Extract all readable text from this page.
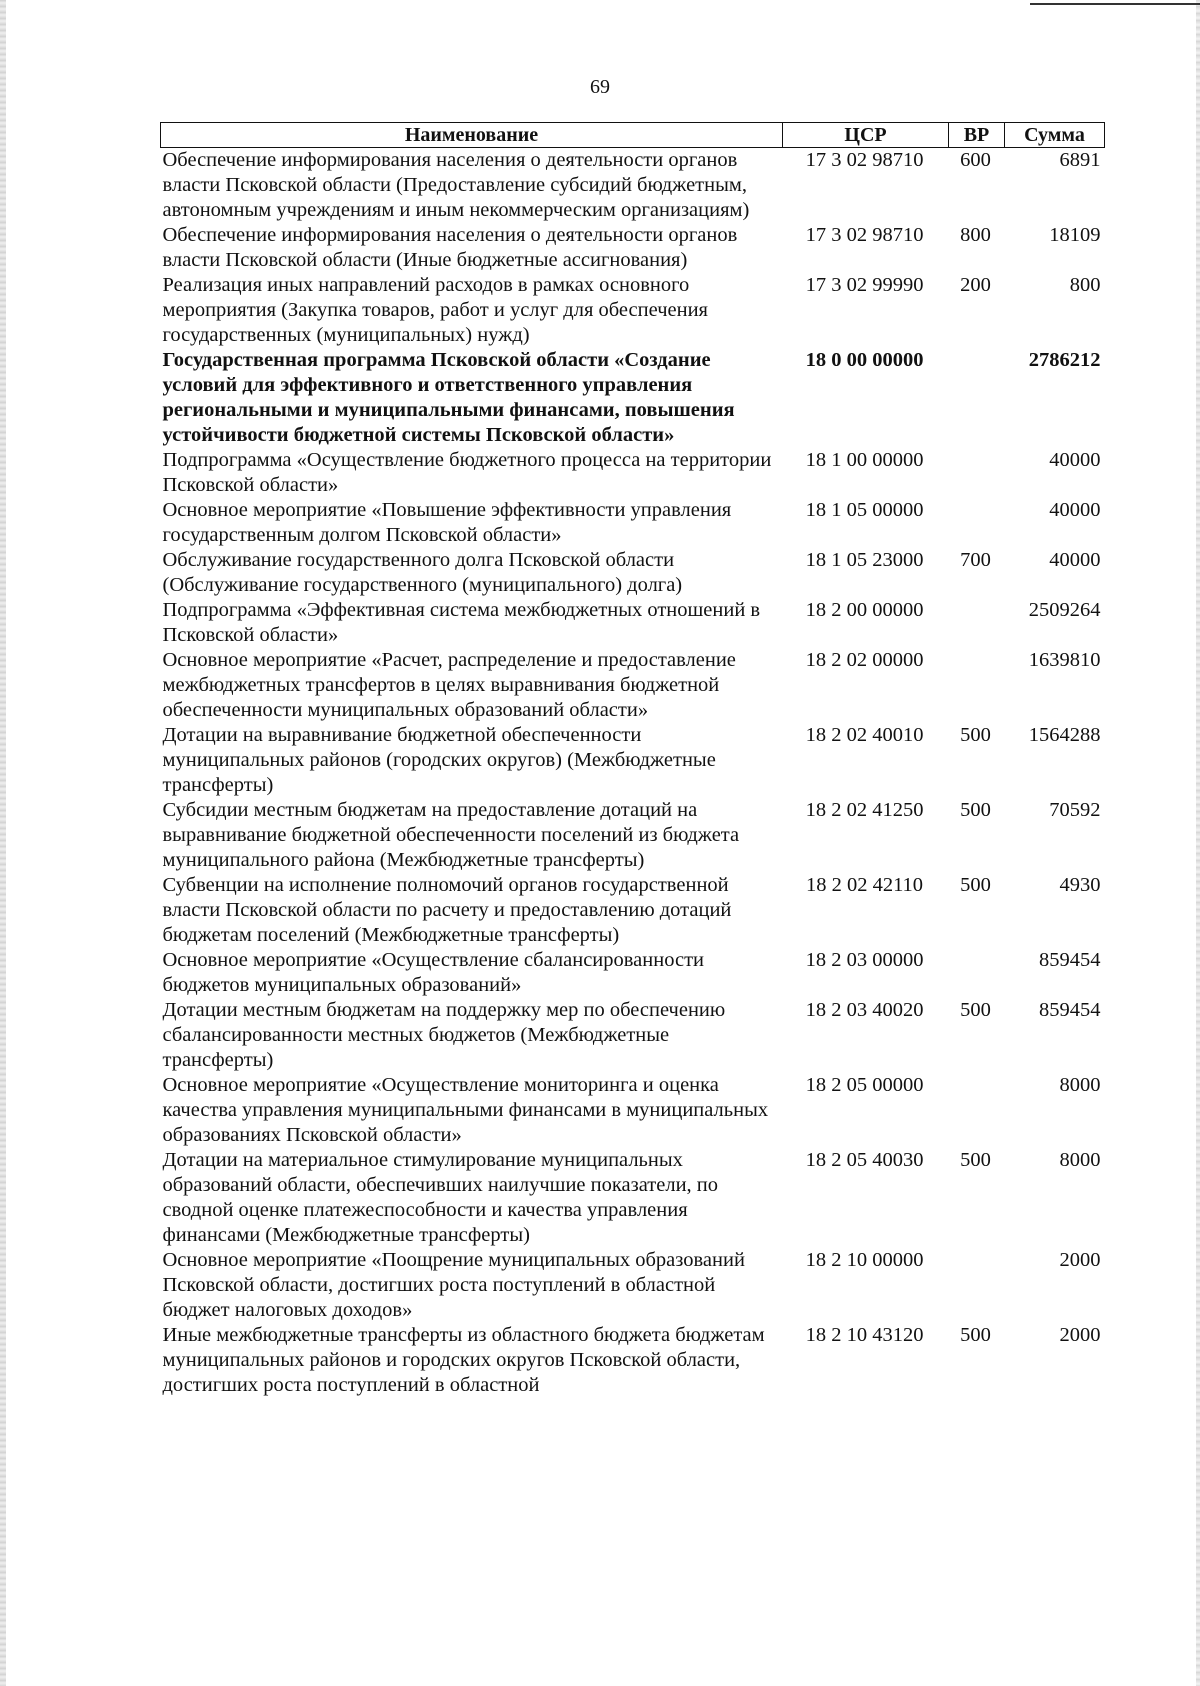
69
Наименование	ЦСР	ВР	Сумма
Обеспечение информирования населения о деятельности органов власти Псковской области (Предоставление субсидий бюджетным, автономным учреждениям и иным некоммерческим организациям)	17 3 02 98710	600	6891
Обеспечение информирования населения о деятельности органов власти Псковской области (Иные бюджетные ассигнования)	17 3 02 98710	800	18109
Реализация иных направлений расходов в рамках основного мероприятия (Закупка товаров, работ и услуг для обеспечения государственных (муниципальных) нужд)	17 3 02 99990	200	800
Государственная программа Псковской области «Создание условий для эффективного и ответственного управления региональными и муниципальными финансами, повышения устойчивости бюджетной системы Псковской области»	18 0 00 00000		2786212
Подпрограмма «Осуществление бюджетного процесса на территории Псковской области»	18 1 00 00000		40000
Основное мероприятие «Повышение эффективности управления государственным долгом Псковской области»	18 1 05 00000		40000
Обслуживание государственного долга Псковской области (Обслуживание государственного (муниципального) долга)	18 1 05 23000	700	40000
Подпрограмма «Эффективная система межбюджетных отношений в Псковской области»	18 2 00 00000		2509264
Основное мероприятие «Расчет, распределение и предоставление межбюджетных трансфертов в целях выравнивания бюджетной обеспеченности муниципальных образований области»	18 2 02 00000		1639810
Дотации на выравнивание бюджетной обеспеченности муниципальных районов (городских округов) (Межбюджетные трансферты)	18 2 02 40010	500	1564288
Субсидии местным бюджетам на предоставление дотаций на выравнивание бюджетной обеспеченности поселений из бюджета муниципального района (Межбюджетные трансферты)	18 2 02 41250	500	70592
Субвенции на исполнение полномочий органов государственной власти Псковской области по расчету и предоставлению дотаций бюджетам поселений (Межбюджетные трансферты)	18 2 02 42110	500	4930
Основное мероприятие «Осуществление сбалансированности бюджетов муниципальных образований»	18 2 03 00000		859454
Дотации местным бюджетам на поддержку мер по обеспечению сбалансированности местных бюджетов (Межбюджетные трансферты)	18 2 03 40020	500	859454
Основное мероприятие «Осуществление мониторинга и оценка качества управления муниципальными финансами в муниципальных образованиях Псковской области»	18 2 05 00000		8000
Дотации на материальное стимулирование муниципальных образований области, обеспечивших наилучшие показатели, по сводной оценке платежеспособности и качества управления финансами (Межбюджетные трансферты)	18 2 05 40030	500	8000
Основное мероприятие «Поощрение муниципальных образований Псковской области, достигших роста поступлений в областной бюджет налоговых доходов»	18 2 10 00000		2000
Иные межбюджетные трансферты из областного бюджета бюджетам муниципальных районов и городских округов Псковской области, достигших роста поступлений в областной	18 2 10 43120	500	2000
